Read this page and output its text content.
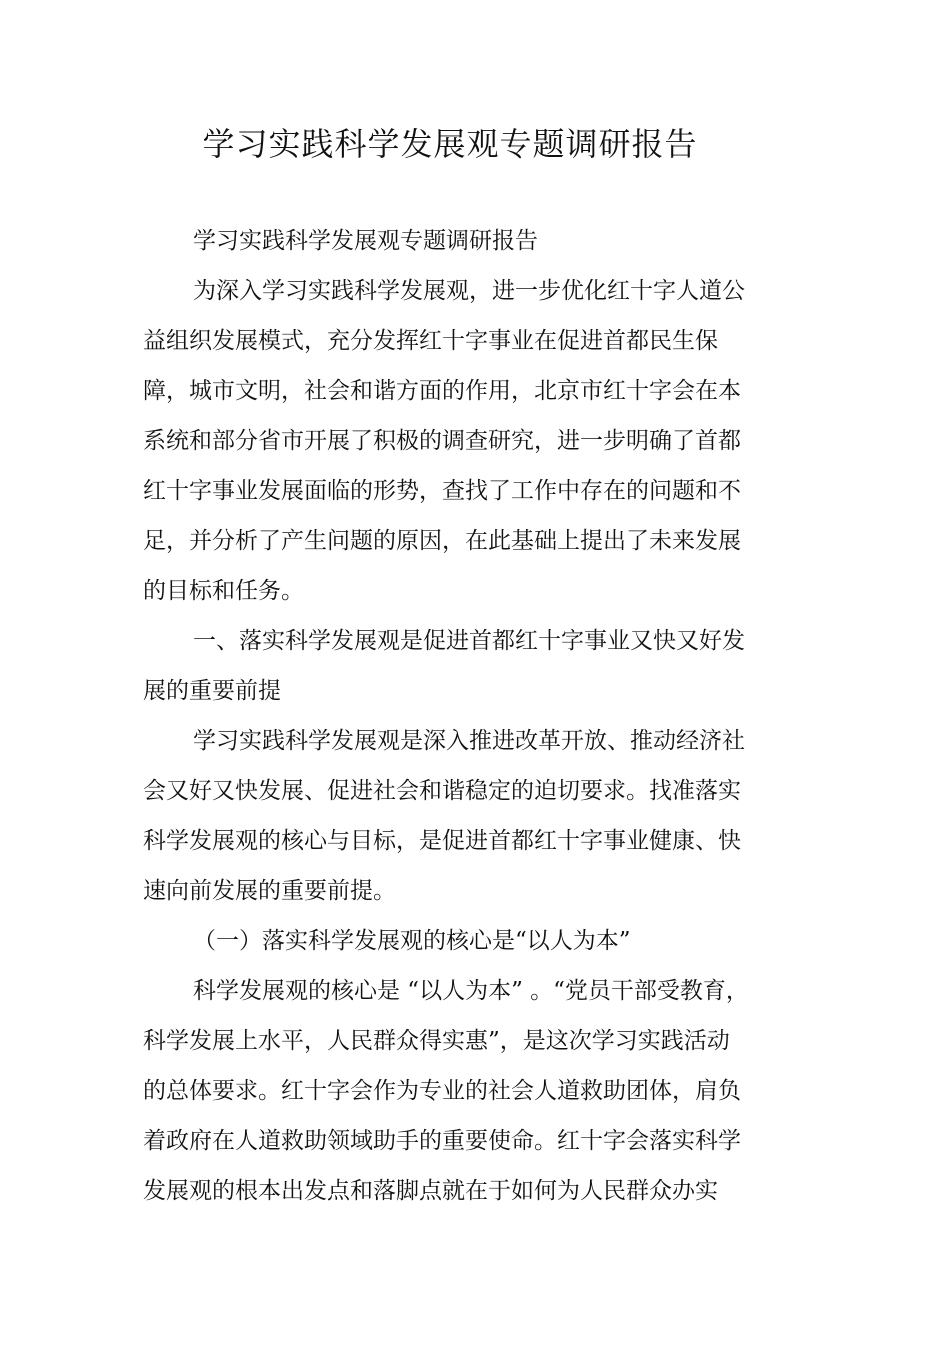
学习实践科学发展观专题调研报告

学习实践科学发展观专题调研报告

为深入学习实践科学发展观，进一步优化红十字人道公

益组织发展模式，充分发挥红十字事业在促进首都民生保

障，城市文明，社会和谐方面的作用，北京市红十字会在本

系统和部分省市开展了积极的调查研究，进一步明确了首都

红十字事业发展面临的形势，查找了工作中存在的问题和不

足，并分析了产生问题的原因，在此基础上提出了未来发展

的目标和任务。

一、落实科学发展观是促进首都红十字事业又快又好发

展的重要前提

学习实践科学发展观是深入推进改革开放、推动经济社

会又好又快发展、促进社会和谐稳定的迫切要求。找准落实

科学发展观的核心与目标，是促进首都红十字事业健康、快

速向前发展的重要前提。

（一）落实科学发展观的核心是“以人为本”

科学发展观的核心是 “以人为本” 。“党员干部受教育，

科学发展上水平，人民群众得实惠”，是这次学习实践活动

的总体要求。红十字会作为专业的社会人道救助团体，肩负

着政府在人道救助领域助手的重要使命。红十字会落实科学

发展观的根本出发点和落脚点就在于如何为人民群众办实
